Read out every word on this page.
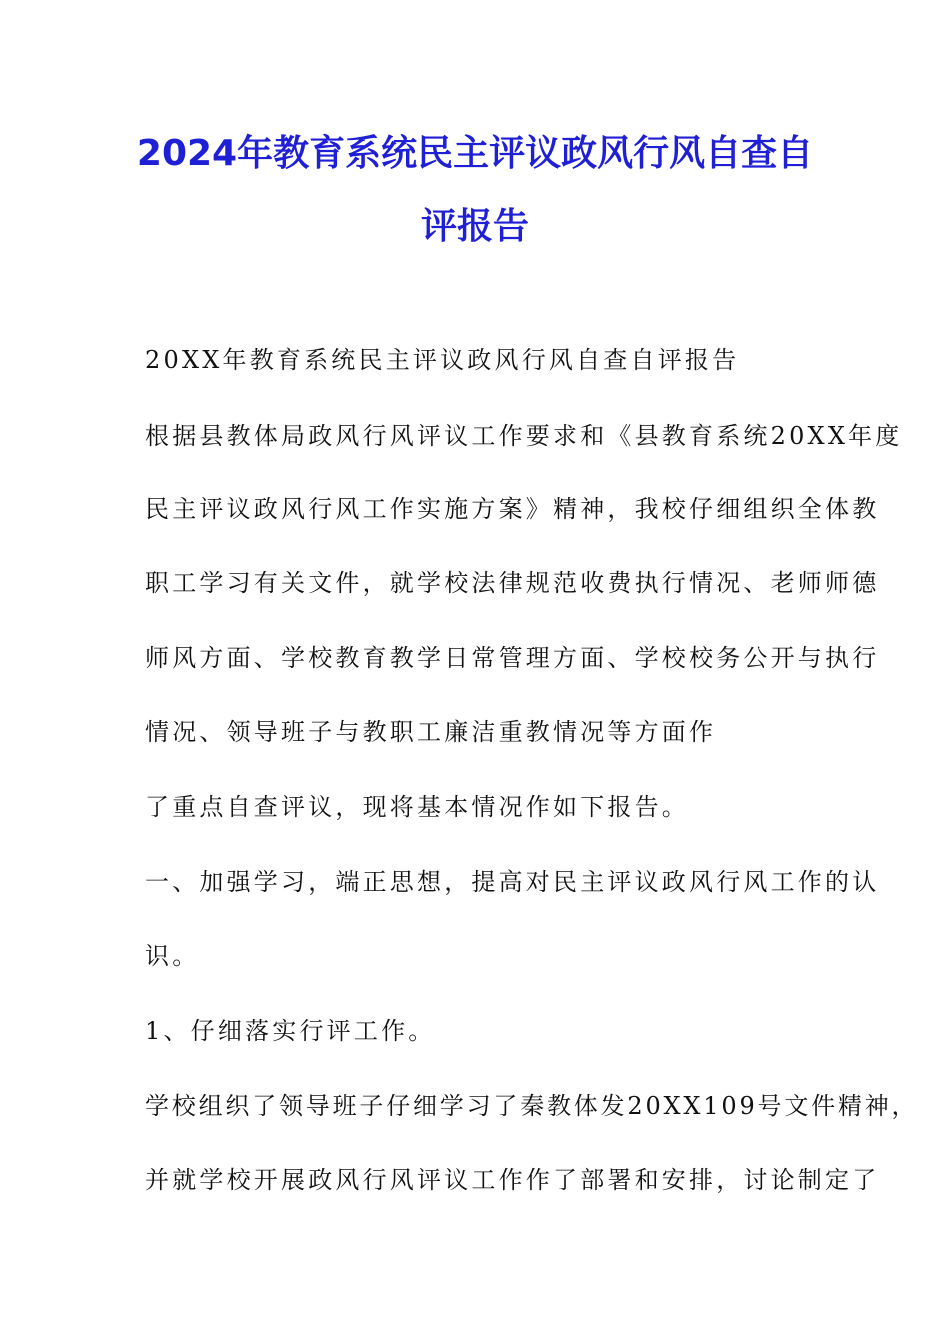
2024年教育系统民主评议政风行风自查自
评报告

20XX年教育系统民主评议政风行风自查自评报告

根据县教体局政风行风评议工作要求和《县教育系统20XX年度

民主评议政风行风工作实施方案》精神，我校仔细组织全体教

职工学习有关文件，就学校法律规范收费执行情况、老师师德

师风方面、学校教育教学日常管理方面、学校校务公开与执行

情况、领导班子与教职工廉洁重教情况等方面作

了重点自查评议，现将基本情况作如下报告。

一、加强学习，端正思想，提高对民主评议政风行风工作的认

识。

1、仔细落实行评工作。

学校组织了领导班子仔细学习了秦教体发20XX109号文件精神，

并就学校开展政风行风评议工作作了部署和安排，讨论制定了
